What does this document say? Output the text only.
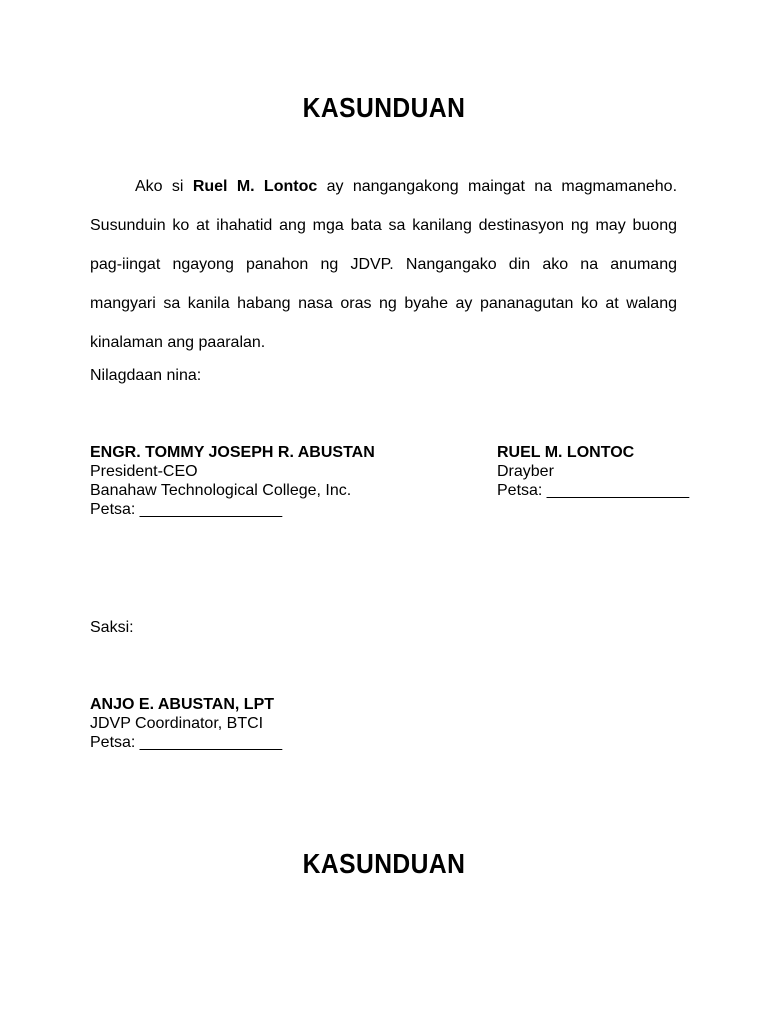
KASUNDUAN

Ako si Ruel M. Lontoc ay nangangakong maingat na magmamaneho. Susunduin ko at ihahatid ang mga bata sa kanilang destinasyon ng may buong pag-iingat ngayong panahon ng JDVP. Nangangako din ako na anumang mangyari sa kanila habang nasa oras ng byahe ay pananagutan ko at walang kinalaman ang paaralan.

Nilagdaan nina:
ENGR. TOMMY JOSEPH R. ABUSTAN
President-CEO
Banahaw Technological College, Inc.
Petsa: ________________
RUEL M. LONTOC
Drayber
Petsa: ________________
Saksi:
ANJO E. ABUSTAN, LPT
JDVP Coordinator, BTCI
Petsa: ________________
KASUNDUAN
